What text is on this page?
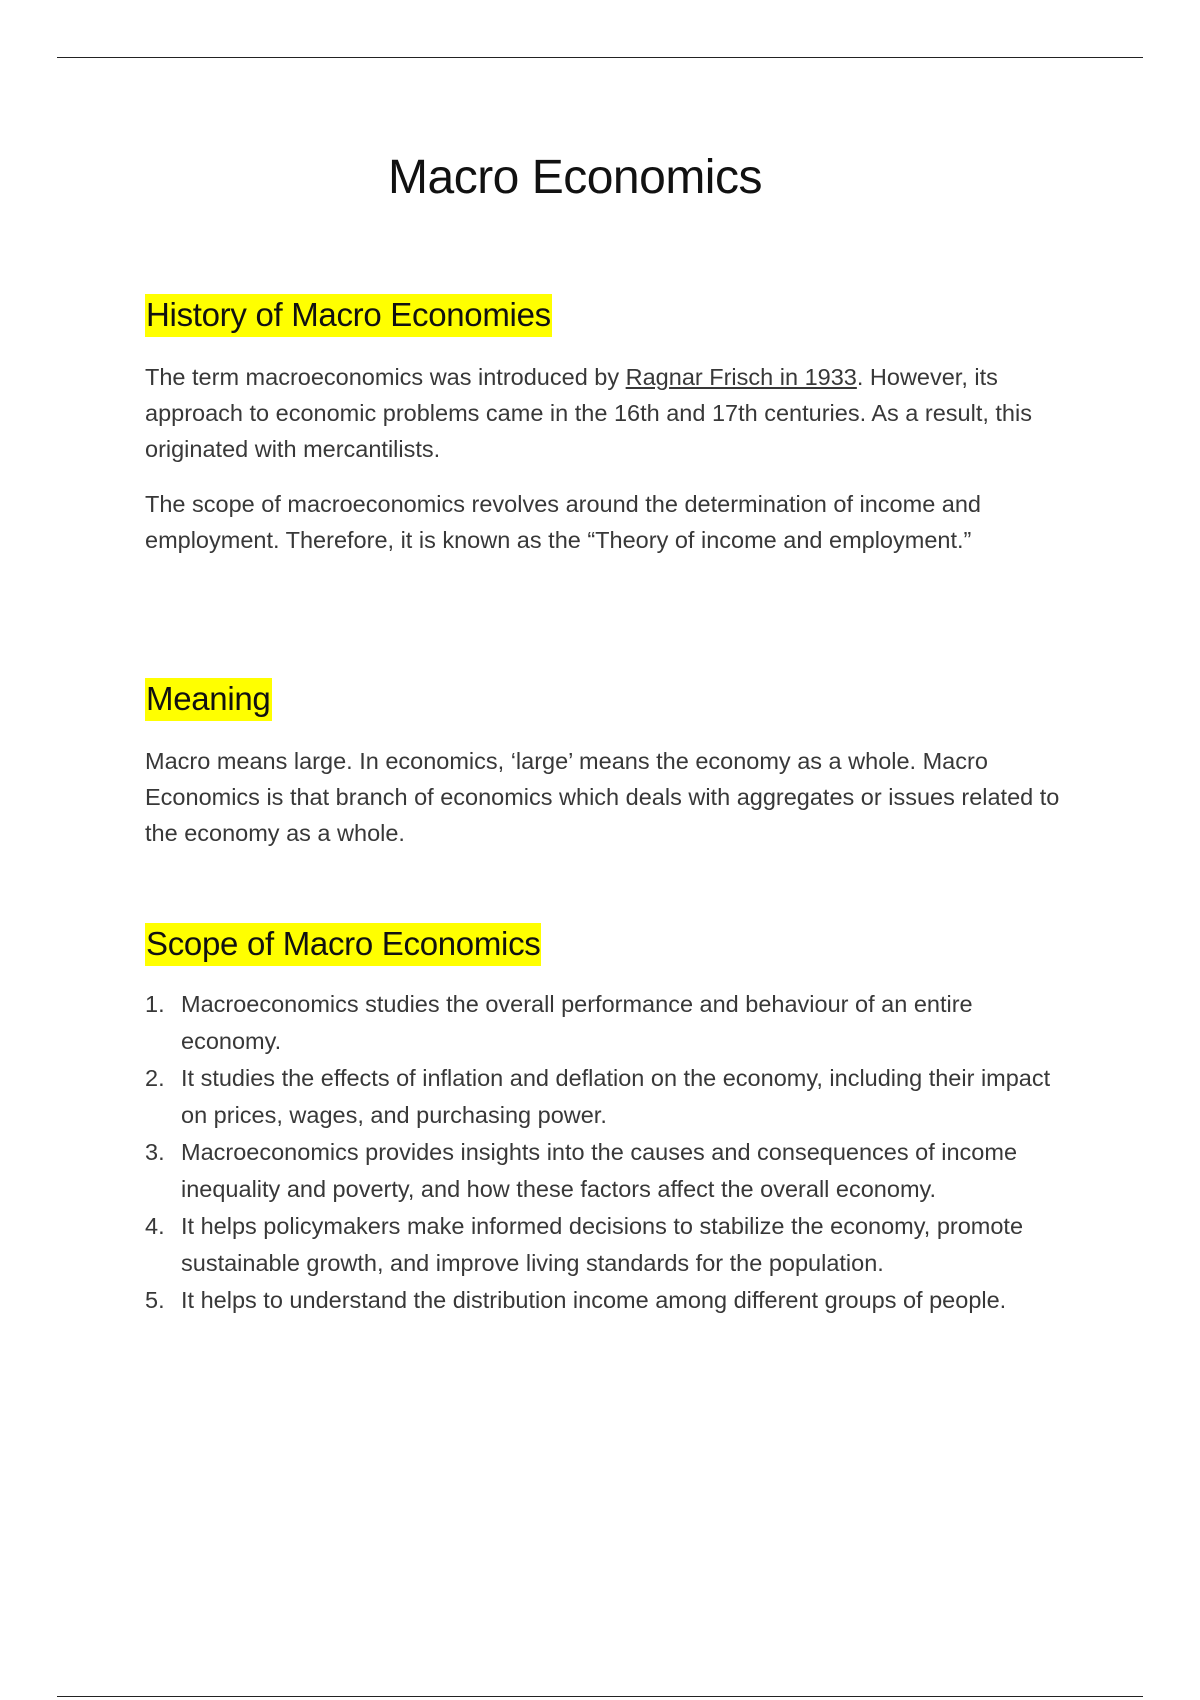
Macro Economics
History of Macro Economies

The term macroeconomics was introduced by Ragnar Frisch in 1933. However, its approach to economic problems came in the 16th and 17th centuries. As a result, this originated with mercantilists.

The scope of macroeconomics revolves around the determination of income and employment. Therefore, it is known as the “Theory of income and employment.”

Meaning

Macro means large. In economics, ‘large’ means the economy as a whole. Macro Economics is that branch of economics which deals with aggregates or issues related to the economy as a whole.

Scope of Macro Economics
1. Macroeconomics studies the overall performance and behaviour of an entire economy.
2. It studies the effects of inflation and deflation on the economy, including their impact on prices, wages, and purchasing power.
3. Macroeconomics provides insights into the causes and consequences of income inequality and poverty, and how these factors affect the overall economy.
4. It helps policymakers make informed decisions to stabilize the economy, promote sustainable growth, and improve living standards for the population.
5. It helps to understand the distribution income among different groups of people.
